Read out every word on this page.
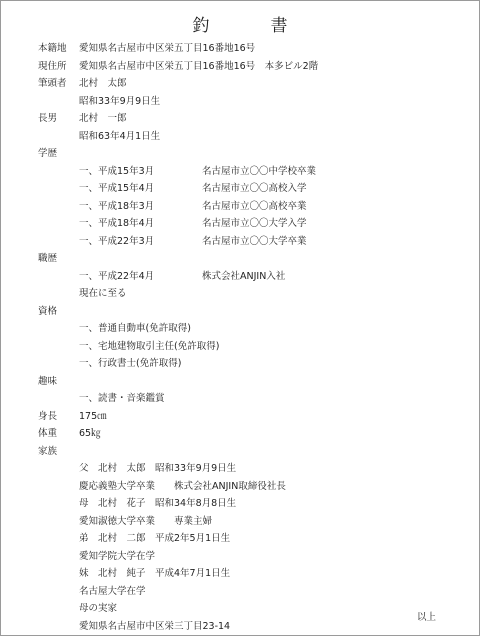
釣　書
本籍地 愛知県名古屋市中区栄五丁目16番地16号
現住所 愛知県名古屋市中区栄五丁目16番地16号　本多ビル2階
筆頭者 北村　太郎
昭和33年9月9日生
長男 北村　一郎
昭和63年4月1日生
学歴
一、平成15年3月	名古屋市立〇〇中学校卒業
一、平成15年4月	名古屋市立〇〇高校入学
一、平成18年3月	名古屋市立〇〇高校卒業
一、平成18年4月	名古屋市立〇〇大学入学
一、平成22年3月	名古屋市立〇〇大学卒業
職歴
一、平成22年4月	株式会社ANJIN入社
現在に至る
資格
一、普通自動車(免許取得)
一、宅地建物取引主任(免許取得)
一、行政書士(免許取得)
趣味
一、読書・音楽鑑賞
身長 175㎝
体重 65㎏
家族
父　北村　太郎　昭和33年9月9日生
慶応義塾大学卒業　　株式会社ANJIN取締役社長
母　北村　花子　昭和34年8月8日生
愛知淑徳大学卒業　　専業主婦
弟　北村　二郎　平成2年5月1日生
愛知学院大学在学
妹　北村　純子　平成4年7月1日生
名古屋大学在学
母の実家
愛知県名古屋市中区栄三丁目23-14
以上
